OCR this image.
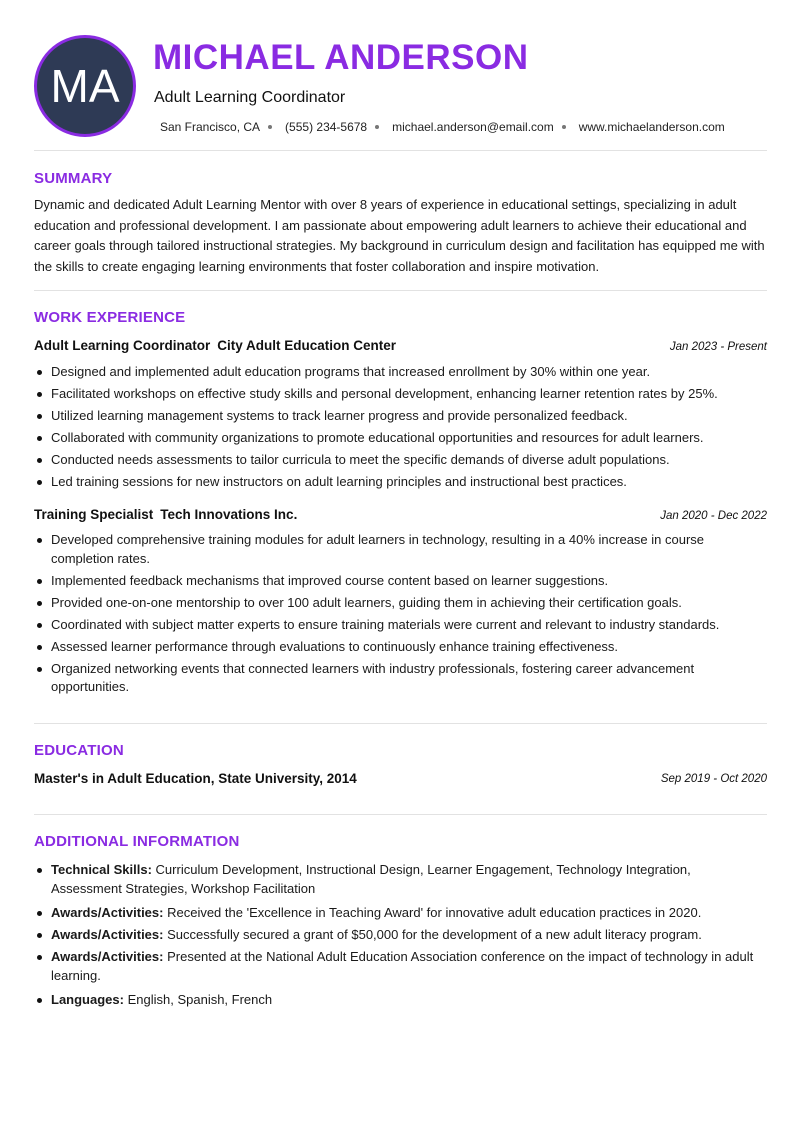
MA
MICHAEL ANDERSON
Adult Learning Coordinator
San Francisco, CA (555) 234-5678 michael.anderson@email.com www.michaelanderson.com
SUMMARY
Dynamic and dedicated Adult Learning Mentor with over 8 years of experience in educational settings, specializing in adult education and professional development. I am passionate about empowering adult learners to achieve their educational and career goals through tailored instructional strategies. My background in curriculum design and facilitation has equipped me with the skills to create engaging learning environments that foster collaboration and inspire motivation.
WORK EXPERIENCE
Adult Learning Coordinator City Adult Education Center	Jan 2023 - Present
Designed and implemented adult education programs that increased enrollment by 30% within one year.
Facilitated workshops on effective study skills and personal development, enhancing learner retention rates by 25%.
Utilized learning management systems to track learner progress and provide personalized feedback.
Collaborated with community organizations to promote educational opportunities and resources for adult learners.
Conducted needs assessments to tailor curricula to meet the specific demands of diverse adult populations.
Led training sessions for new instructors on adult learning principles and instructional best practices.
Training Specialist Tech Innovations Inc.	Jan 2020 - Dec 2022
Developed comprehensive training modules for adult learners in technology, resulting in a 40% increase in course completion rates.
Implemented feedback mechanisms that improved course content based on learner suggestions.
Provided one-on-one mentorship to over 100 adult learners, guiding them in achieving their certification goals.
Coordinated with subject matter experts to ensure training materials were current and relevant to industry standards.
Assessed learner performance through evaluations to continuously enhance training effectiveness.
Organized networking events that connected learners with industry professionals, fostering career advancement opportunities.
EDUCATION
Master's in Adult Education, State University, 2014	Sep 2019 - Oct 2020
ADDITIONAL INFORMATION
Technical Skills: Curriculum Development, Instructional Design, Learner Engagement, Technology Integration, Assessment Strategies, Workshop Facilitation
Awards/Activities: Received the 'Excellence in Teaching Award' for innovative adult education practices in 2020.
Awards/Activities: Successfully secured a grant of $50,000 for the development of a new adult literacy program.
Awards/Activities: Presented at the National Adult Education Association conference on the impact of technology in adult learning.
Languages: English, Spanish, French
